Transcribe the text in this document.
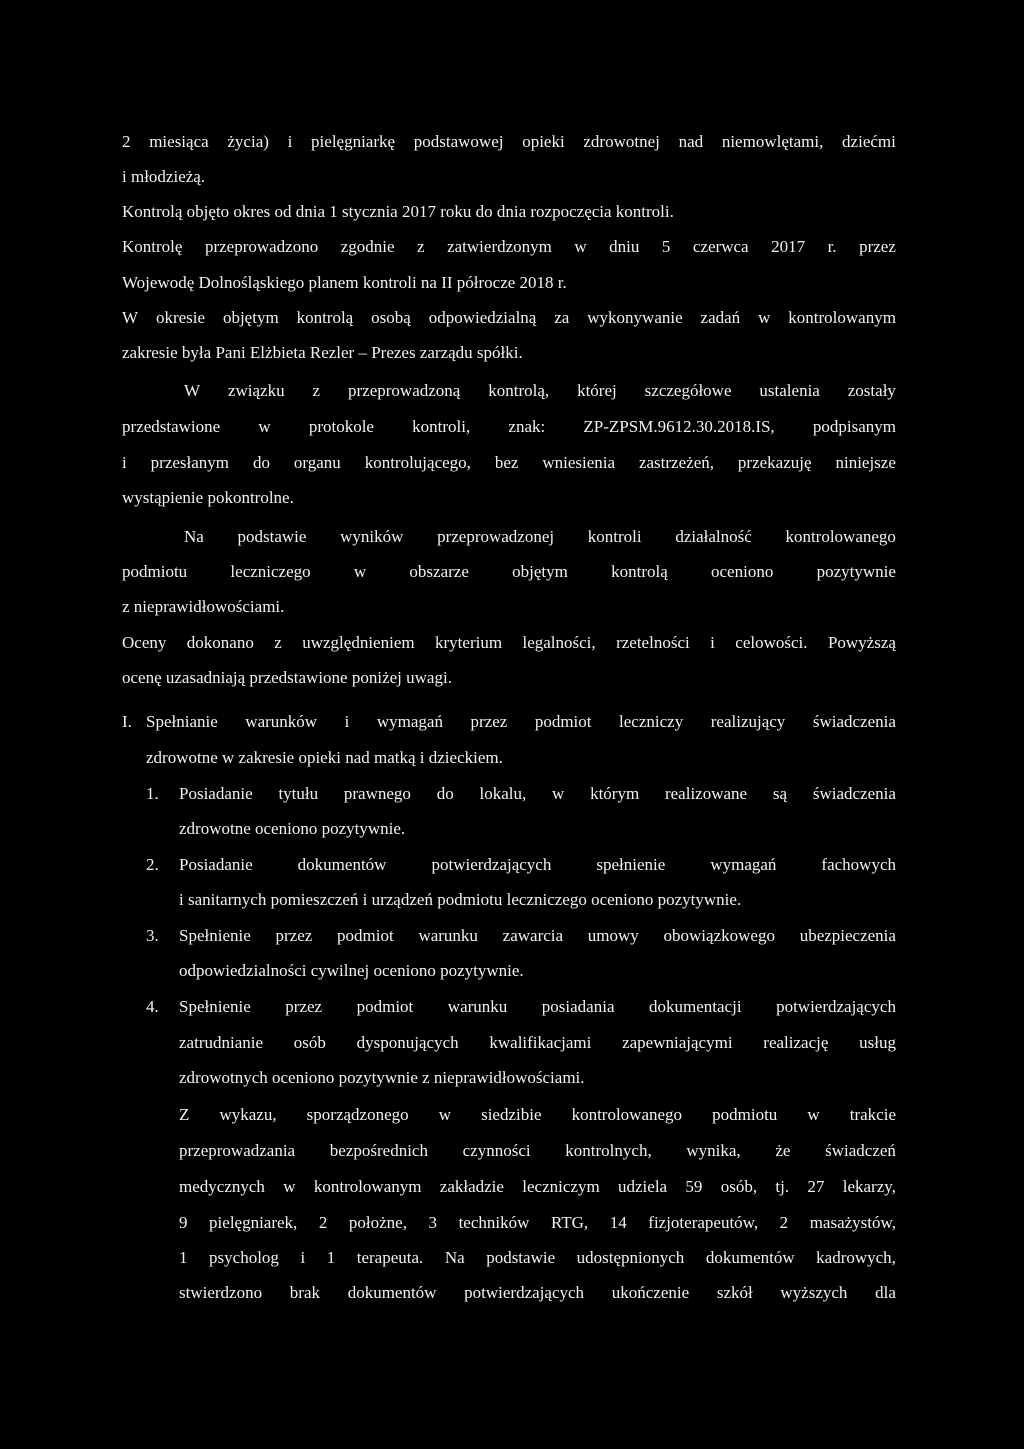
2 miesiąca życia) i pielęgniarkę podstawowej opieki zdrowotnej nad niemowlętami, dziećmi
i młodzieżą.
Kontrolą objęto okres od dnia 1 stycznia 2017 roku do dnia rozpoczęcia kontroli.
Kontrolę przeprowadzono zgodnie z zatwierdzonym w dniu 5 czerwca 2017 r. przez
Wojewodę Dolnośląskiego planem kontroli na II półrocze 2018 r.
W okresie objętym kontrolą osobą odpowiedzialną za wykonywanie zadań w kontrolowanym
zakresie była Pani Elżbieta Rezler – Prezes zarządu spółki.
W związku z przeprowadzoną kontrolą, której szczegółowe ustalenia zostały
przedstawione w protokole kontroli, znak: ZP-ZPSM.9612.30.2018.IS, podpisanym
i przesłanym do organu kontrolującego, bez wniesienia zastrzeżeń, przekazuję niniejsze
wystąpienie pokontrolne.
Na podstawie wyników przeprowadzonej kontroli działalność kontrolowanego
podmiotu	leczniczego	w	obszarze	objętym	kontrolą	oceniono	pozytywnie
z nieprawidłowościami.
Oceny dokonano z uwzględnieniem kryterium legalności, rzetelności i celowości. Powyższą
ocenę uzasadniają przedstawione poniżej uwagi.
I. Spełnianie warunków i wymagań przez podmiot leczniczy realizujący świadczenia
zdrowotne w zakresie opieki nad matką i dzieckiem.
1. Posiadanie tytułu prawnego do lokalu, w którym realizowane są świadczenia
zdrowotne oceniono pozytywnie.
2. Posiadanie	dokumentów	potwierdzających	spełnienie	wymagań	fachowych
i sanitarnych pomieszczeń i urządzeń podmiotu leczniczego oceniono pozytywnie.
3. Spełnienie przez podmiot warunku zawarcia umowy obowiązkowego ubezpieczenia
odpowiedzialności cywilnej oceniono pozytywnie.
4. Spełnienie przez podmiot warunku posiadania dokumentacji potwierdzających
zatrudnianie osób dysponujących kwalifikacjami zapewniającymi realizację usług
zdrowotnych oceniono pozytywnie z nieprawidłowościami.
Z wykazu, sporządzonego w siedzibie kontrolowanego podmiotu w trakcie
przeprowadzania bezpośrednich czynności kontrolnych, wynika, że świadczeń
medycznych w kontrolowanym zakładzie leczniczym udziela 59 osób, tj. 27 lekarzy,
9 pielęgniarek, 2 położne, 3 techników RTG, 14 fizjoterapeutów, 2 masażystów,
1 psycholog i 1 terapeuta. Na podstawie udostępnionych dokumentów kadrowych,
stwierdzono brak dokumentów potwierdzających ukończenie szkół wyższych dla
